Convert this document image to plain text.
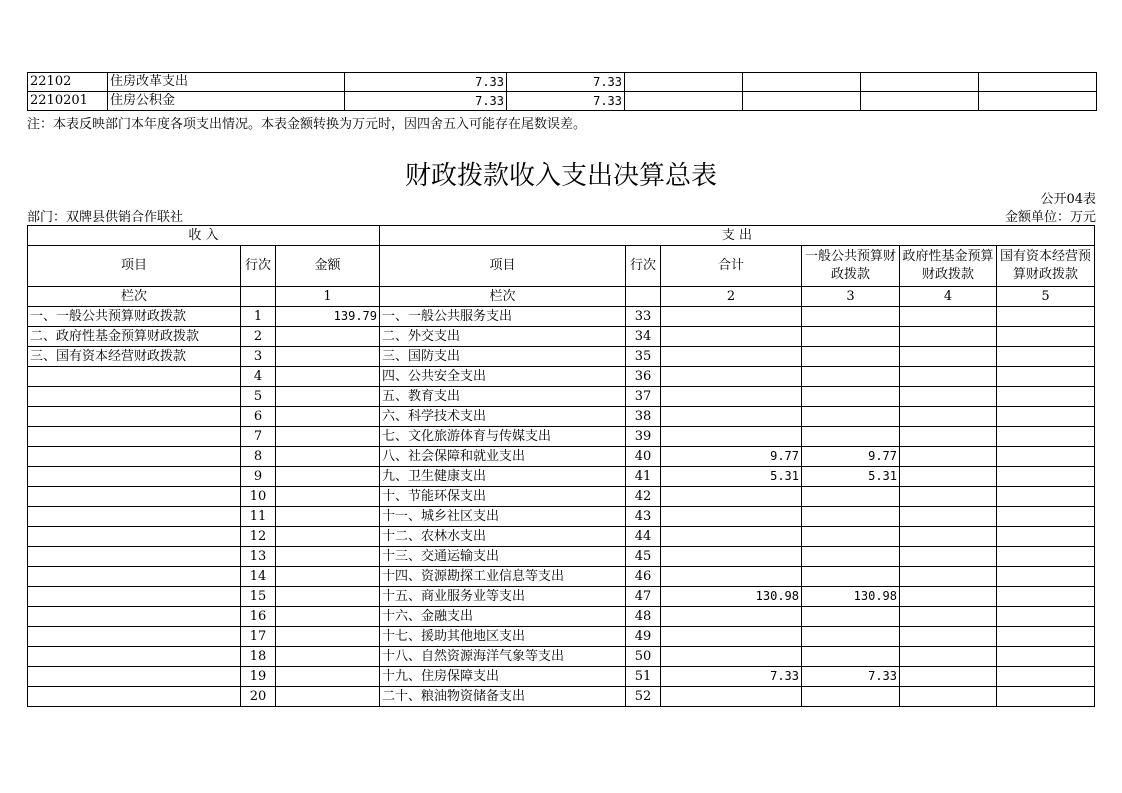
22102	住房改革支出	7.33	7.33				
2210201	住房公积金	7.33	7.33				
注：本表反映部门本年度各项支出情况。本表金额转换为万元时，因四舍五入可能存在尾数误差。
财政拨款收入支出决算总表
公开04表
部门：双牌县供销合作联社	金额单位：万元
收 入			支 出					
项目	行次	金额	项目	行次	合计	一般公共预算财政拨款	政府性基金预算财政拨款	国有资本经营预算财政拨款
栏次		1	栏次		2	3	4	5
一、一般公共预算财政拨款	1	139.79	一、一般公共服务支出	33				
二、政府性基金预算财政拨款	2		二、外交支出	34				
三、国有资本经营财政拨款	3		三、国防支出	35				
	4		四、公共安全支出	36				
	5		五、教育支出	37				
	6		六、科学技术支出	38				
	7		七、文化旅游体育与传媒支出	39				
	8		八、社会保障和就业支出	40	9.77	9.77		
	9		九、卫生健康支出	41	5.31	5.31		
	10		十、节能环保支出	42				
	11		十一、城乡社区支出	43				
	12		十二、农林水支出	44				
	13		十三、交通运输支出	45				
	14		十四、资源勘探工业信息等支出	46				
	15		十五、商业服务业等支出	47	130.98	130.98		
	16		十六、金融支出	48				
	17		十七、援助其他地区支出	49				
	18		十八、自然资源海洋气象等支出	50				
	19		十九、住房保障支出	51	7.33	7.33		
	20		二十、粮油物资储备支出	52				
